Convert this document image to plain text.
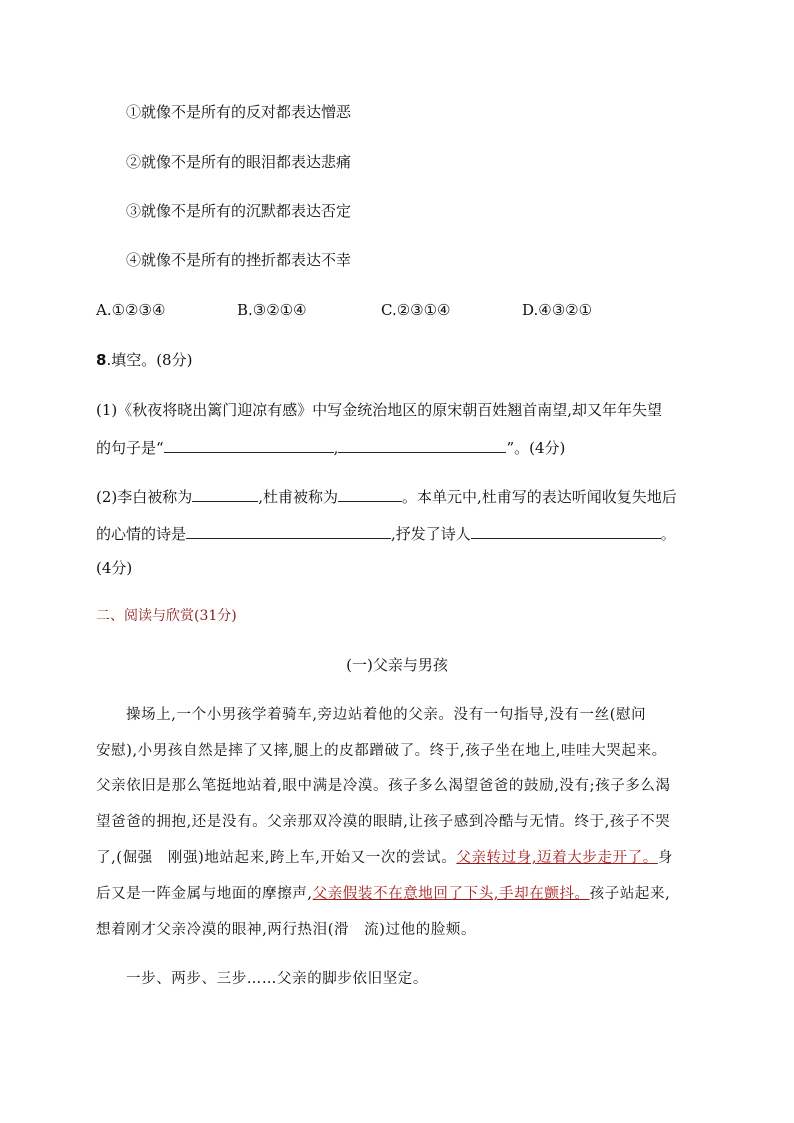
①就像不是所有的反对都表达憎恶
②就像不是所有的眼泪都表达悲痛
③就像不是所有的沉默都表达否定
④就像不是所有的挫折都表达不幸
A.①②③④	B.③②①④	C.②③①④	D.④③②①
8.填空。(8分)
(1)《秋夜将晓出篱门迎凉有感》中写金统治地区的原宋朝百姓翘首南望,却又年年失望
的句子是“	,	”。(4分)
(2)李白被称为	,杜甫被称为	。本单元中,杜甫写的表达听闻收复失地后
的心情的诗是	,抒发了诗人	。
(4分)
二、阅读与欣赏(31分)
(一)父亲与男孩
操场上,一个小男孩学着骑车,旁边站着他的父亲。没有一句指导,没有一丝(慰问
安慰),小男孩自然是摔了又摔,腿上的皮都蹭破了。终于,孩子坐在地上,哇哇大哭起来。
父亲依旧是那么笔挺地站着,眼中满是冷漠。孩子多么渴望爸爸的鼓励,没有;孩子多么渴
望爸爸的拥抱,还是没有。父亲那双冷漠的眼睛,让孩子感到冷酷与无情。终于,孩子不哭
了,(倔强　刚强)地站起来,跨上车,开始又一次的尝试。父亲转过身,迈着大步走开了。身
后又是一阵金属与地面的摩擦声,父亲假装不在意地回了下头,手却在颤抖。孩子站起来,
想着刚才父亲冷漠的眼神,两行热泪(滑　流)过他的脸颊。
一步、两步、三步……父亲的脚步依旧坚定。
